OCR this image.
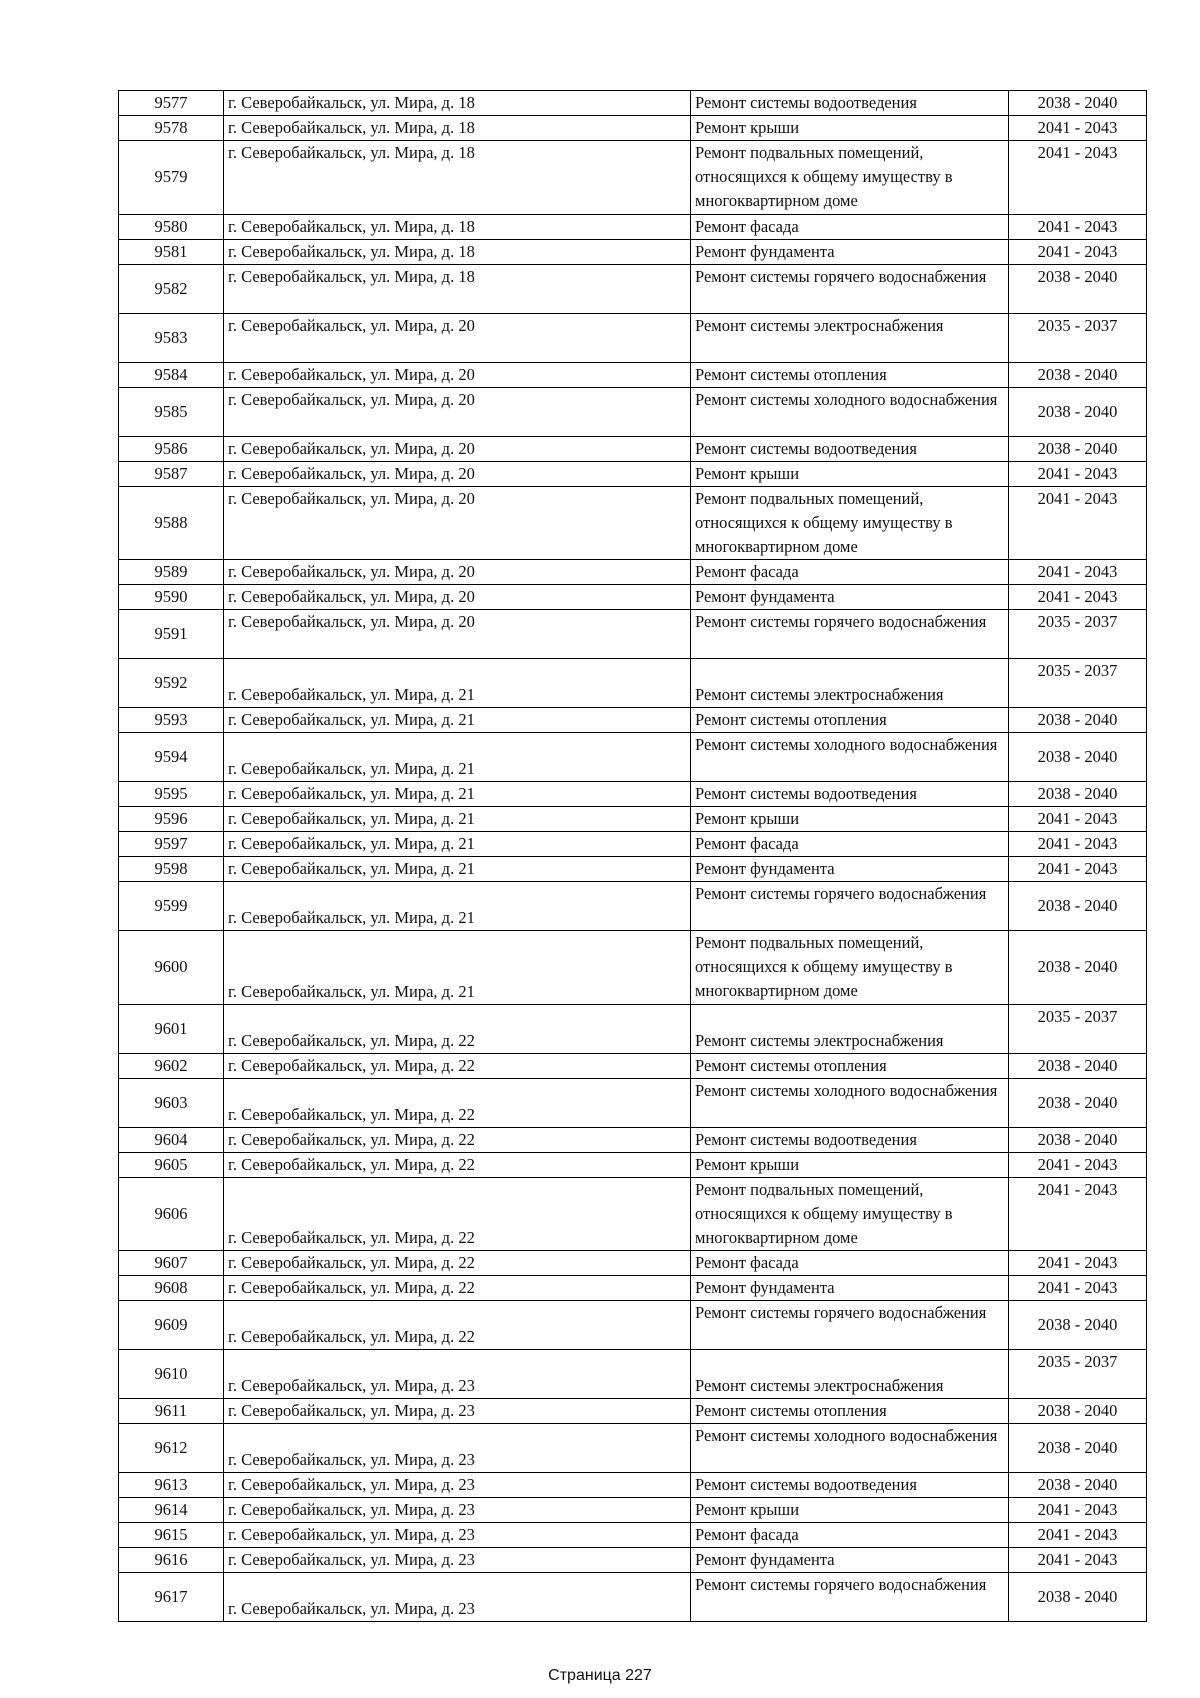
9577	г. Северобайкальск, ул. Мира, д. 18	Ремонт системы водоотведения	2038 - 2040
9578	г. Северобайкальск, ул. Мира, д. 18	Ремонт крыши	2041 - 2043
9579	г. Северобайкальск, ул. Мира, д. 18	Ремонт подвальных помещений, относящихся к общему имуществу в многоквартирном доме	2041 - 2043
9580	г. Северобайкальск, ул. Мира, д. 18	Ремонт фасада	2041 - 2043
9581	г. Северобайкальск, ул. Мира, д. 18	Ремонт фундамента	2041 - 2043
9582	г. Северобайкальск, ул. Мира, д. 18	Ремонт системы горячего водоснабжения	2038 - 2040
9583	г. Северобайкальск, ул. Мира, д. 20	Ремонт системы электроснабжения	2035 - 2037
9584	г. Северобайкальск, ул. Мира, д. 20	Ремонт системы отопления	2038 - 2040
9585	г. Северобайкальск, ул. Мира, д. 20	Ремонт системы холодного водоснабжения	2038 - 2040
9586	г. Северобайкальск, ул. Мира, д. 20	Ремонт системы водоотведения	2038 - 2040
9587	г. Северобайкальск, ул. Мира, д. 20	Ремонт крыши	2041 - 2043
9588	г. Северобайкальск, ул. Мира, д. 20	Ремонт подвальных помещений, относящихся к общему имуществу в многоквартирном доме	2041 - 2043
9589	г. Северобайкальск, ул. Мира, д. 20	Ремонт фасада	2041 - 2043
9590	г. Северобайкальск, ул. Мира, д. 20	Ремонт фундамента	2041 - 2043
9591	г. Северобайкальск, ул. Мира, д. 20	Ремонт системы горячего водоснабжения	2035 - 2037
9592	г. Северобайкальск, ул. Мира, д. 21	Ремонт системы электроснабжения	2035 - 2037
9593	г. Северобайкальск, ул. Мира, д. 21	Ремонт системы отопления	2038 - 2040
9594	г. Северобайкальск, ул. Мира, д. 21	Ремонт системы холодного водоснабжения	2038 - 2040
9595	г. Северобайкальск, ул. Мира, д. 21	Ремонт системы водоотведения	2038 - 2040
9596	г. Северобайкальск, ул. Мира, д. 21	Ремонт крыши	2041 - 2043
9597	г. Северобайкальск, ул. Мира, д. 21	Ремонт фасада	2041 - 2043
9598	г. Северобайкальск, ул. Мира, д. 21	Ремонт фундамента	2041 - 2043
9599	г. Северобайкальск, ул. Мира, д. 21	Ремонт системы горячего водоснабжения	2038 - 2040
9600	г. Северобайкальск, ул. Мира, д. 21	Ремонт подвальных помещений, относящихся к общему имуществу в многоквартирном доме	2038 - 2040
9601	г. Северобайкальск, ул. Мира, д. 22	Ремонт системы электроснабжения	2035 - 2037
9602	г. Северобайкальск, ул. Мира, д. 22	Ремонт системы отопления	2038 - 2040
9603	г. Северобайкальск, ул. Мира, д. 22	Ремонт системы холодного водоснабжения	2038 - 2040
9604	г. Северобайкальск, ул. Мира, д. 22	Ремонт системы водоотведения	2038 - 2040
9605	г. Северобайкальск, ул. Мира, д. 22	Ремонт крыши	2041 - 2043
9606	г. Северобайкальск, ул. Мира, д. 22	Ремонт подвальных помещений, относящихся к общему имуществу в многоквартирном доме	2041 - 2043
9607	г. Северобайкальск, ул. Мира, д. 22	Ремонт фасада	2041 - 2043
9608	г. Северобайкальск, ул. Мира, д. 22	Ремонт фундамента	2041 - 2043
9609	г. Северобайкальск, ул. Мира, д. 22	Ремонт системы горячего водоснабжения	2038 - 2040
9610	г. Северобайкальск, ул. Мира, д. 23	Ремонт системы электроснабжения	2035 - 2037
9611	г. Северобайкальск, ул. Мира, д. 23	Ремонт системы отопления	2038 - 2040
9612	г. Северобайкальск, ул. Мира, д. 23	Ремонт системы холодного водоснабжения	2038 - 2040
9613	г. Северобайкальск, ул. Мира, д. 23	Ремонт системы водоотведения	2038 - 2040
9614	г. Северобайкальск, ул. Мира, д. 23	Ремонт крыши	2041 - 2043
9615	г. Северобайкальск, ул. Мира, д. 23	Ремонт фасада	2041 - 2043
9616	г. Северобайкальск, ул. Мира, д. 23	Ремонт фундамента	2041 - 2043
9617	г. Северобайкальск, ул. Мира, д. 23	Ремонт системы горячего водоснабжения	2038 - 2040
Страница 227
